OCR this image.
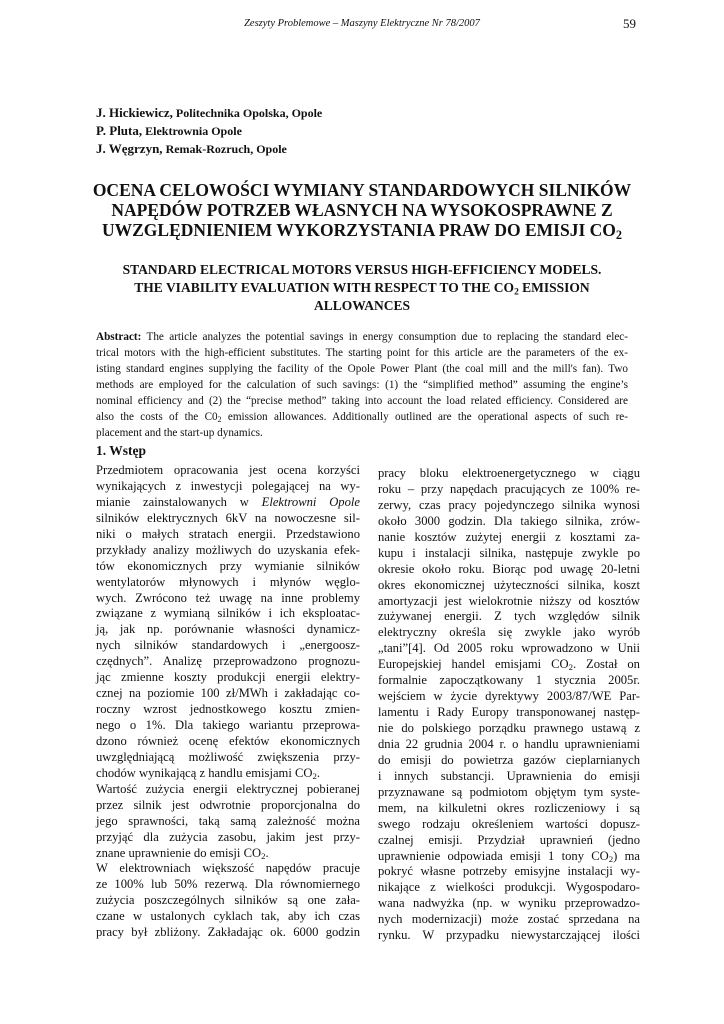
Zeszyty Problemowe – Maszyny Elektryczne Nr 78/2007	59
J. Hickiewicz, Politechnika Opolska, Opole
P. Pluta, Elektrownia Opole
J. Węgrzyn, Remak-Rozruch, Opole
OCENA CELOWOŚCI WYMIANY STANDARDOWYCH SILNIKÓW
NAPĘDÓW POTRZEB WŁASNYCH NA WYSOKOSPRAWNE Z
UWZGLĘDNIENIEM WYKORZYSTANIA PRAW DO EMISJI $CO_2$
STANDARD ELECTRICAL MOTORS VERSUS HIGH-EFFICIENCY MODELS.
THE VIABILITY EVALUATION WITH RESPECT TO THE $CO_2$ EMISSION
ALLOWANCES
Abstract: The article analyzes the potential savings in energy consumption due to replacing the standard elec-
trical motors with the high-efficient substitutes. The starting point for this article are the parameters of the ex-
isting standard engines supplying the facility of the Opole Power Plant (the coal mill and the mill's fan). Two
methods are employed for the calculation of such savings: (1) the “simplified method” assuming the engine’s
nominal efficiency and (2) the “precise method” taking into account the load related efficiency. Considered are
also the costs of the $C0_2$ emission allowances. Additionally outlined are the operational aspects of such re-
placement and the start-up dynamics.
1. Wstęp
Przedmiotem opracowania jest ocena korzyści
wynikających z inwestycji polegającej na wy-
mianie zainstalowanych w Elektrowni Opole
silników elektrycznych 6kV na nowoczesne sil-
niki o małych stratach energii. Przedstawiono
przykłady analizy możliwych do uzyskania efek-
tów ekonomicznych przy wymianie silników
wentylatorów młynowych i młynów węglo-
wych. Zwrócono też uwagę na inne problemy
związane z wymianą silników i ich eksploatac-
ją, jak np. porównanie własności dynamicz-
nych silników standardowych i „energoosz-
czędnych”. Analizę przeprowadzono prognozu-
jąc zmienne koszty produkcji energii elektry-
cznej na poziomie 100 zł/MWh i zakładając co-
roczny wzrost jednostkowego kosztu zmien-
nego o 1%. Dla takiego wariantu przeprowa-
dzono również ocenę efektów ekonomicznych
uwzględniającą możliwość zwiększenia przy-
chodów wynikającą z handlu emisjami $CO_2$.
Wartość zużycia energii elektrycznej pobieranej
przez silnik jest odwrotnie proporcjonalna do
jego sprawności, taką samą zależność można
przyjąć dla zużycia zasobu, jakim jest przy-
znane uprawnienie do emisji $CO_2$.
W elektrowniach większość napędów pracuje
ze 100% lub 50% rezerwą. Dla równomiernego
zużycia poszczególnych silników są one zała-
czane w ustalonych cyklach tak, aby ich czas
pracy był zbliżony. Zakładając ok. 6000 godzin
pracy bloku elektroenergetycznego w ciągu
roku – przy napędach pracujących ze 100% re-
zerwy, czas pracy pojedynczego silnika wynosi
około 3000 godzin. Dla takiego silnika, zrów-
nanie kosztów zużytej energii z kosztami za-
kupu i instalacji silnika, następuje zwykle po
okresie około roku. Biorąc pod uwagę 20-letni
okres ekonomicznej użyteczności silnika, koszt
amortyzacji jest wielokrotnie niższy od kosztów
zużywanej energii. Z tych względów silnik
elektryczny określa się zwykle jako wyrób
„tani”[4]. Od 2005 roku wprowadzono w Unii
Europejskiej handel emisjami $CO_2$. Został on
formalnie zapoczątkowany 1 stycznia 2005r.
wejściem w życie dyrektywy 2003/87/WE Par-
lamentu i Rady Europy transponowanej następ-
nie do polskiego porządku prawnego ustawą z
dnia 22 grudnia 2004 r. o handlu uprawnieniami
do emisji do powietrza gazów cieplarnianych
i innych substancji. Uprawnienia do emisji
przyznawane są podmiotom objętym tym syste-
mem, na kilkuletni okres rozliczeniowy i są
swego rodzaju określeniem wartości dopusz-
czalnej emisji. Przydział uprawnień (jedno
uprawnienie odpowiada emisji 1 tony $CO_2$) ma
pokryć własne potrzeby emisyjne instalacji wy-
nikające z wielkości produkcji. Wygospodaro-
wana nadwyżka (np. w wyniku przeprowadzo-
nych modernizacji) może zostać sprzedana na
rynku. W przypadku niewystarczającej ilości
